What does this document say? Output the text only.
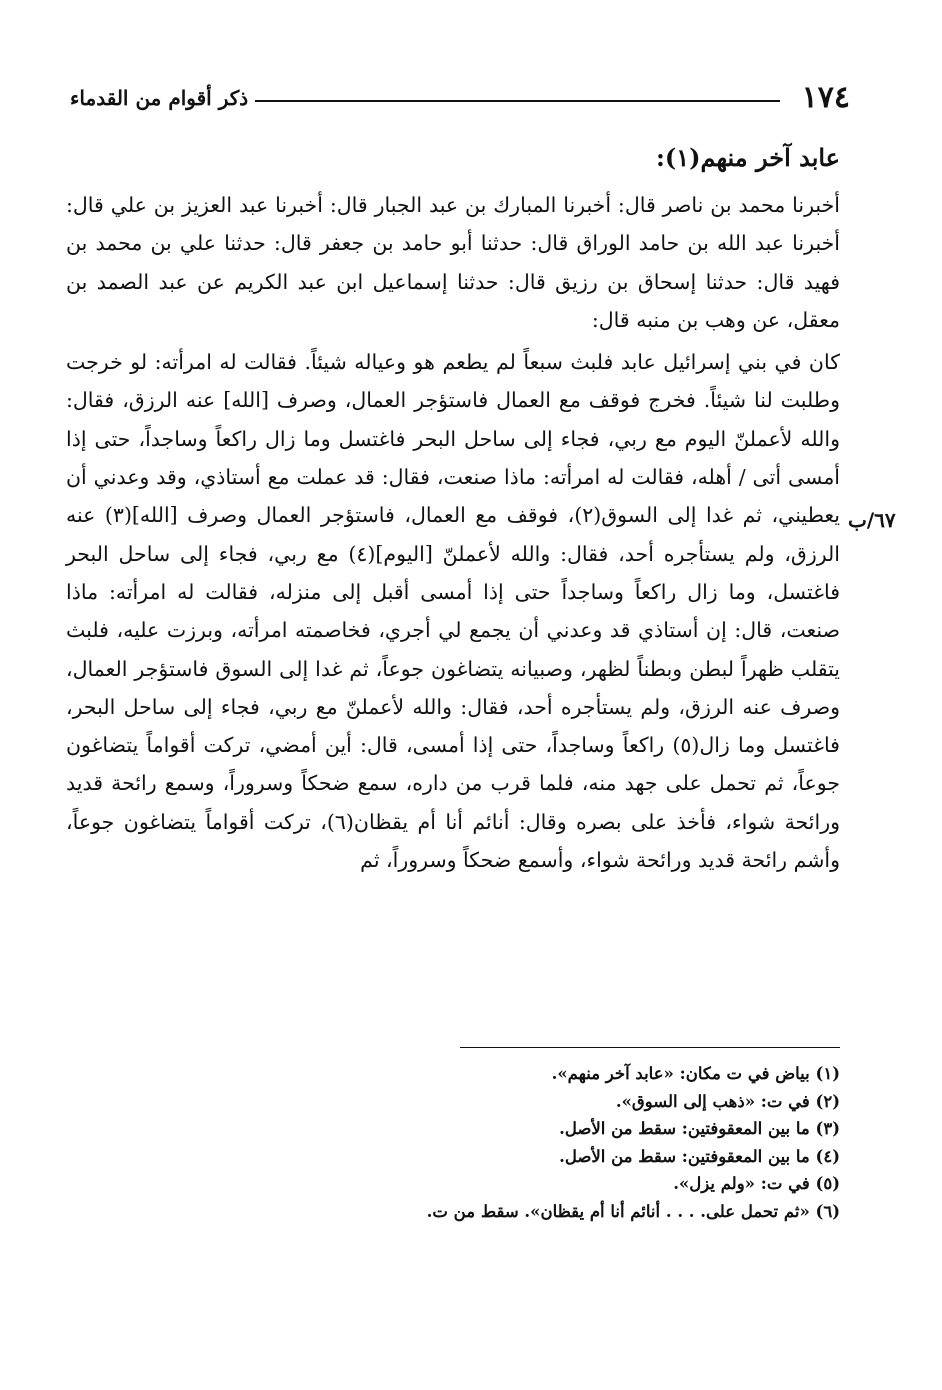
١٧٤
ذكر أقوام من القدماء
٦٧/ب
عابد آخر منهم(١):

أخبرنا محمد بن ناصر قال: أخبرنا المبارك بن عبد الجبار قال: أخبرنا عبد العزيز بن علي قال: أخبرنا عبد الله بن حامد الوراق قال: حدثنا أبو حامد بن جعفر قال: حدثنا علي بن محمد بن فهيد قال: حدثنا إسحاق بن رزيق قال: حدثنا إسماعيل ابن عبد الكريم عن عبد الصمد بن معقل، عن وهب بن منبه قال:

كان في بني إسرائيل عابد فلبث سبعاً لم يطعم هو وعياله شيئاً. فقالت له امرأته: لو خرجت وطلبت لنا شيئاً. فخرج فوقف مع العمال فاستؤجر العمال، وصرف [الله] عنه الرزق، فقال: والله لأعملنّ اليوم مع ربي، فجاء إلى ساحل البحر فاغتسل وما زال راكعاً وساجداً، حتى إذا أمسى أتى / أهله، فقالت له امرأته: ماذا صنعت، فقال: قد عملت مع أستاذي، وقد وعدني أن يعطيني، ثم غدا إلى السوق(٢)، فوقف مع العمال، فاستؤجر العمال وصرف [الله](٣) عنه الرزق، ولم يستأجره أحد، فقال: والله لأعملنّ [اليوم](٤) مع ربي، فجاء إلى ساحل البحر فاغتسل، وما زال راكعاً وساجداً حتى إذا أمسى أقبل إلى منزله، فقالت له امرأته: ماذا صنعت، قال: إن أستاذي قد وعدني أن يجمع لي أجري، فخاصمته امرأته، وبرزت عليه، فلبث يتقلب ظهراً لبطن وبطناً لظهر، وصبيانه يتضاغون جوعاً، ثم غدا إلى السوق فاستؤجر العمال، وصرف عنه الرزق، ولم يستأجره أحد، فقال: والله لأعملنّ مع ربي، فجاء إلى ساحل البحر، فاغتسل وما زال(٥) راكعاً وساجداً، حتى إذا أمسى، قال: أين أمضي، تركت أقواماً يتضاغون جوعاً، ثم تحمل على جهد منه، فلما قرب من داره، سمع ضحكاً وسروراً، وسمع رائحة قديد ورائحة شواء، فأخذ على بصره وقال: أنائم أنا أم يقظان(٦)، تركت أقواماً يتضاغون جوعاً، وأشم رائحة قديد ورائحة شواء، وأسمع ضحكاً وسروراً، ثم

(١) بياض في ت مكان: «عابد آخر منهم».

(٢) في ت: «ذهب إلى السوق».

(٣) ما بين المعقوفتين: سقط من الأصل.

(٤) ما بين المعقوفتين: سقط من الأصل.

(٥) في ت: «ولم يزل».

(٦) «ثم تحمل على. . . . أنائم أنا أم يقظان». سقط من ت.
